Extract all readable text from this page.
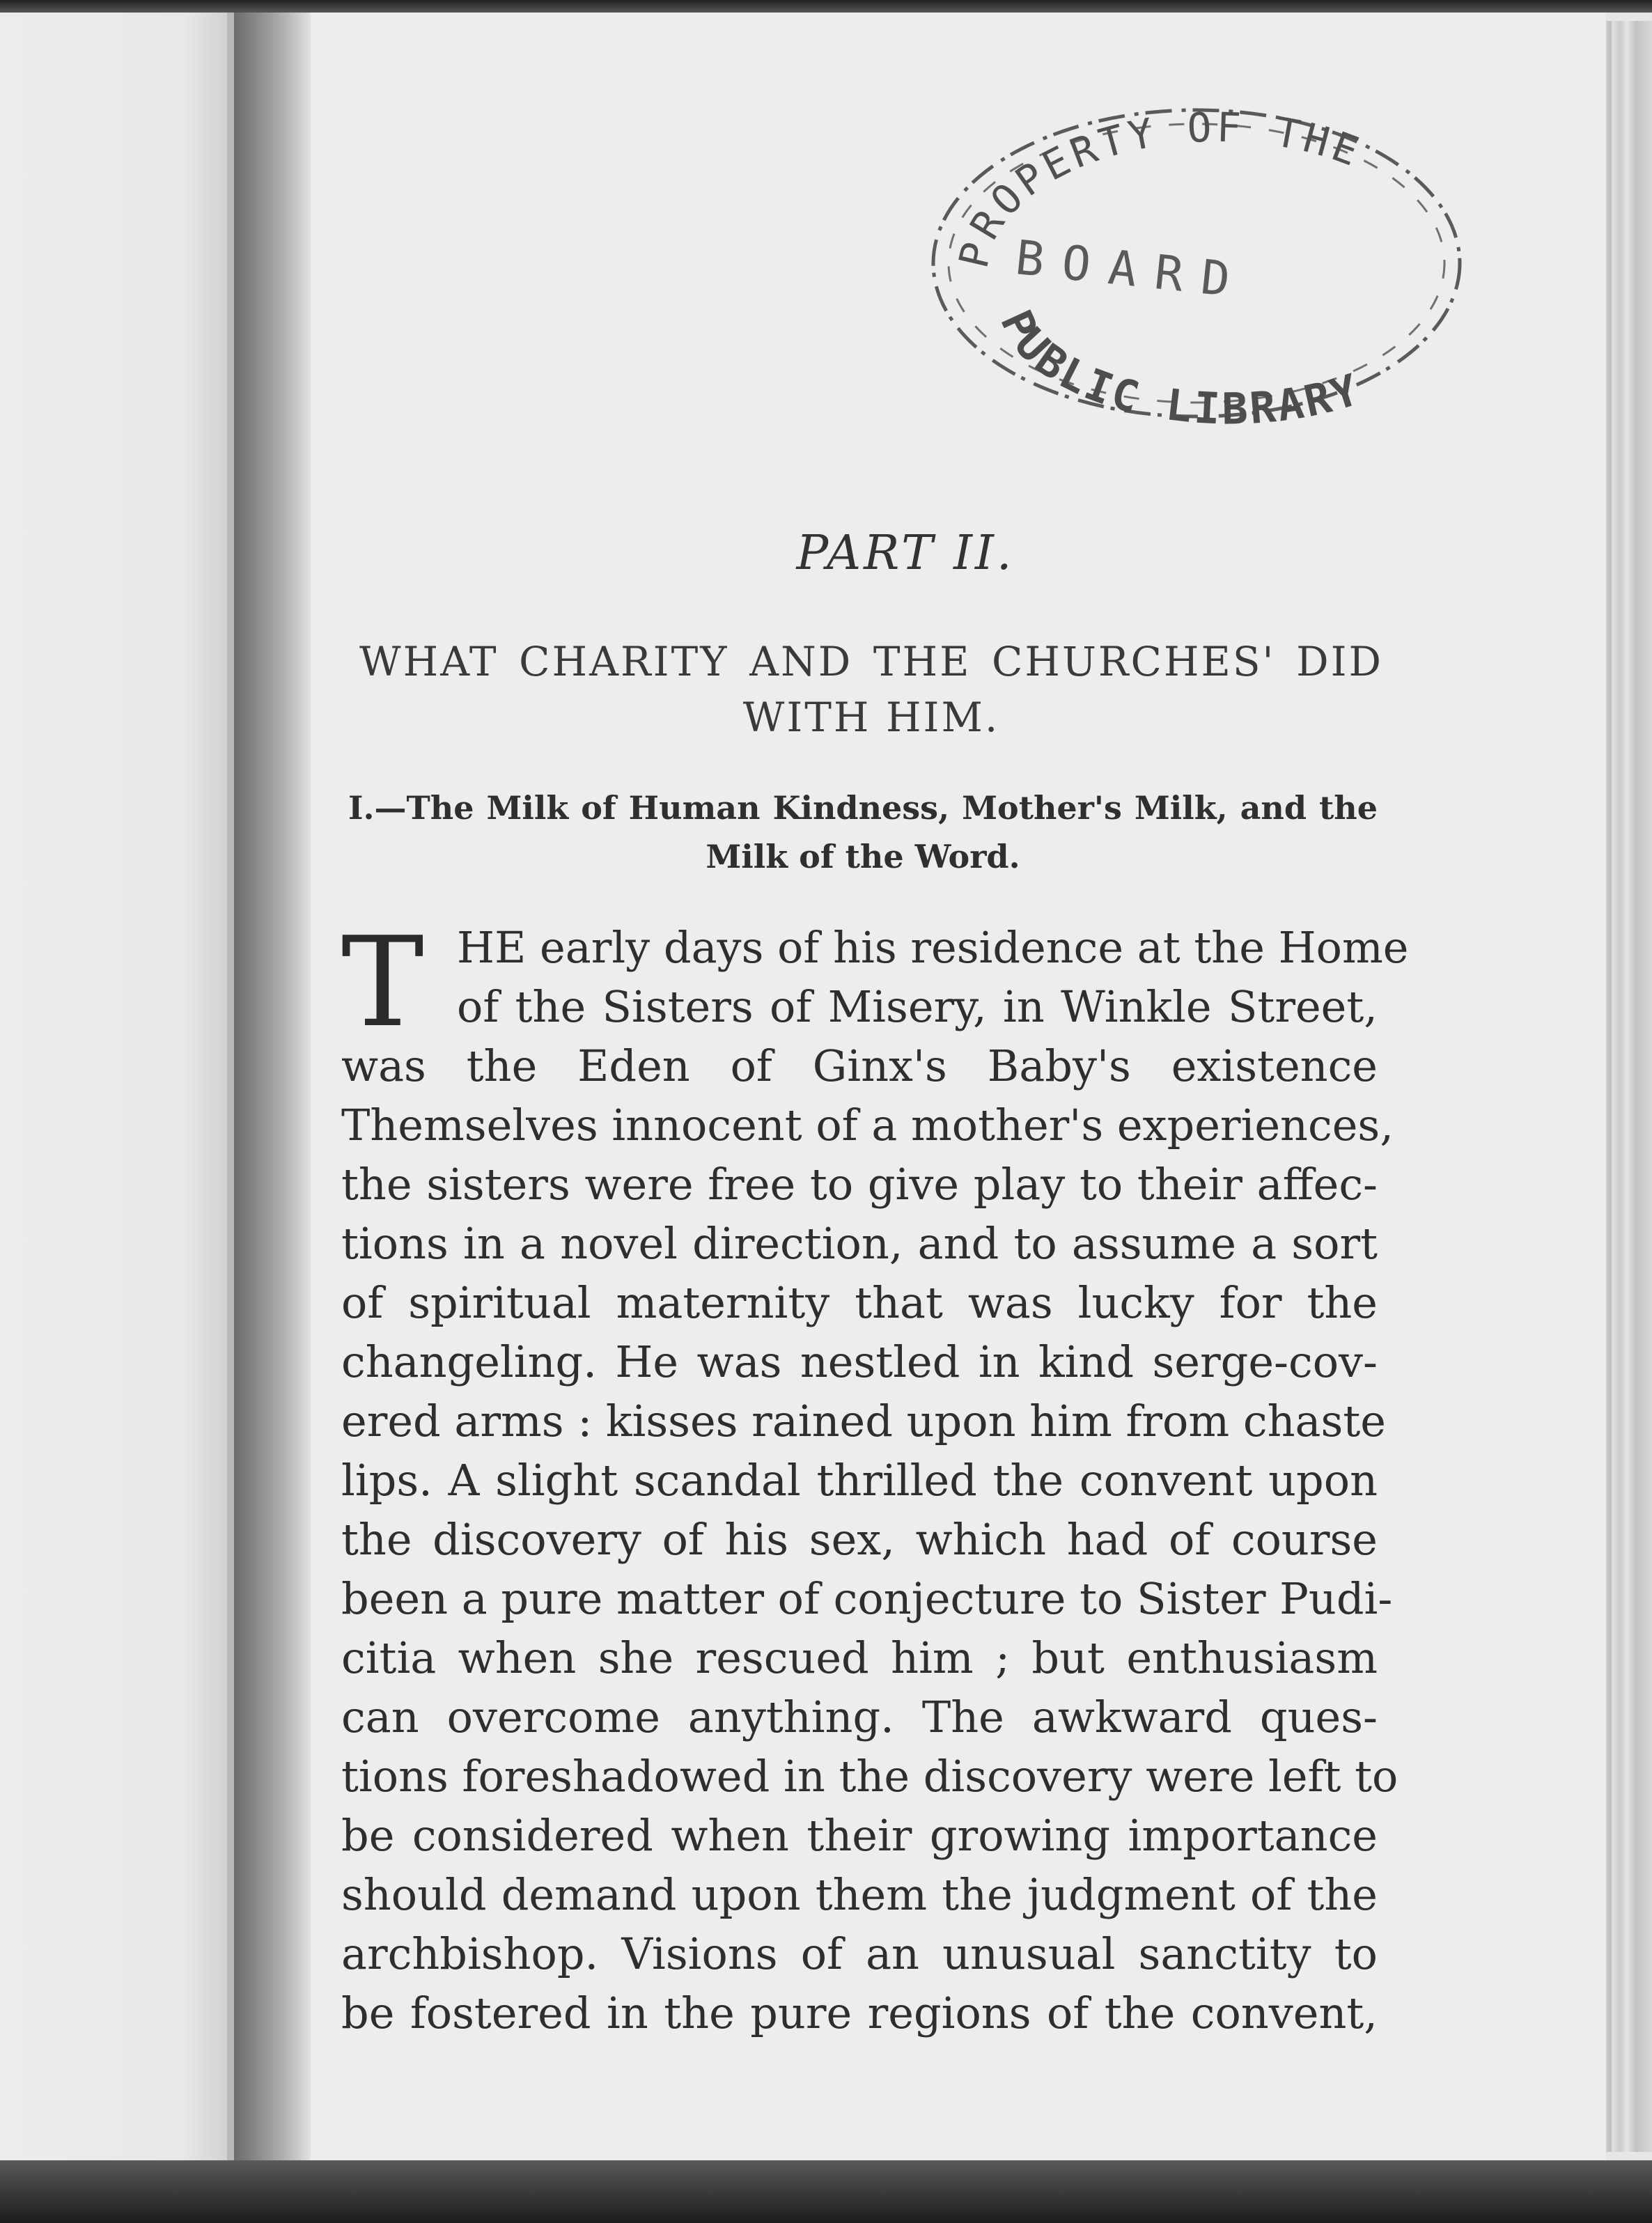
PROPERTY OF THE
BOARD
PUBLIC LIBRARY
PART II.
WHAT CHARITY AND THE CHURCHES' DID
WITH HIM.
I.—The Milk of Human Kindness, Mother's Milk, and the
Milk of the Word.
T HE early days of his residence at the Home
of the Sisters of Misery, in Winkle Street,
was the Eden of Ginx's Baby's existence
Themselves innocent of a mother's experiences,
the sisters were free to give play to their affec-
tions in a novel direction, and to assume a sort
of spiritual maternity that was lucky for the
changeling. He was nestled in kind serge-cov-
ered arms : kisses rained upon him from chaste
lips. A slight scandal thrilled the convent upon
the discovery of his sex, which had of course
been a pure matter of conjecture to Sister Pudi-
citia when she rescued him ; but enthusiasm
can overcome anything. The awkward ques-
tions foreshadowed in the discovery were left to
be considered when their growing importance
should demand upon them the judgment of the
archbishop. Visions of an unusual sanctity to
be fostered in the pure regions of the convent,
